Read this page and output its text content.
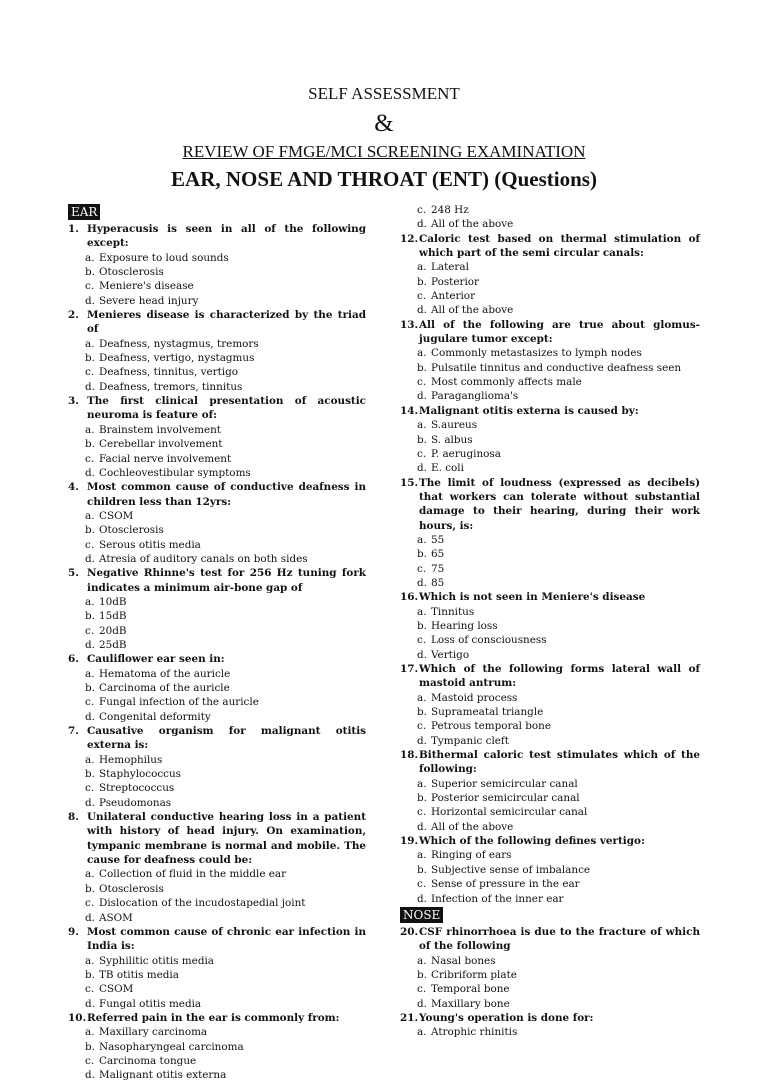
SELF ASSESSMENT
&
REVIEW OF FMGE/MCI SCREENING EXAMINATION
EAR, NOSE AND THROAT (ENT) (Questions)
EAR
1. Hyperacusis is seen in all of the following except:
a. Exposure to loud sounds
b. Otosclerosis
c. Meniere's disease
d. Severe head injury
2. Menieres disease is characterized by the triad of
a. Deafness, nystagmus, tremors
b. Deafness, vertigo, nystagmus
c. Deafness, tinnitus, vertigo
d. Deafness, tremors, tinnitus
3. The first clinical presentation of acoustic neuroma is feature of:
a. Brainstem involvement
b. Cerebellar involvement
c. Facial nerve involvement
d. Cochleovestibular symptoms
4. Most common cause of conductive deafness in children less than 12yrs:
a. CSOM
b. Otosclerosis
c. Serous otitis media
d. Atresia of auditory canals on both sides
5. Negative Rhinne's test for 256 Hz tuning fork indicates a minimum air-bone gap of
a. 10dB
b. 15dB
c. 20dB
d. 25dB
6. Cauliflower ear seen in:
a. Hematoma of the auricle
b. Carcinoma of the auricle
c. Fungal infection of the auricle
d. Congenital deformity
7. Causative organism for malignant otitis externa is:
a. Hemophilus
b. Staphylococcus
c. Streptococcus
d. Pseudomonas
8. Unilateral conductive hearing loss in a patient with history of head injury. On examination, tympanic membrane is normal and mobile. The cause for deafness could be:
a. Collection of fluid in the middle ear
b. Otosclerosis
c. Dislocation of the incudostapedial joint
d. ASOM
9. Most common cause of chronic ear infection in India is:
a. Syphilitic otitis media
b. TB otitis media
c. CSOM
d. Fungal otitis media
10. Referred pain in the ear is commonly from:
a. Maxillary carcinoma
b. Nasopharyngeal carcinoma
c. Carcinoma tongue
d. Malignant otitis externa
c. 248 Hz
d. All of the above
12. Caloric test based on thermal stimulation of which part of the semi circular canals:
a. Lateral
b. Posterior
c. Anterior
d. All of the above
13. All of the following are true about glomus-jugulare tumor except:
a. Commonly metastasizes to lymph nodes
b. Pulsatile tinnitus and conductive deafness seen
c. Most commonly affects male
d. Paraganglioma's
14. Malignant otitis externa is caused by:
a. S.aureus
b. S. albus
c. P. aeruginosa
d. E. coli
15. The limit of loudness (expressed as decibels) that workers can tolerate without substantial damage to their hearing, during their work hours, is:
a. 55
b. 65
c. 75
d. 85
16. Which is not seen in Meniere's disease
a. Tinnitus
b. Hearing loss
c. Loss of consciousness
d. Vertigo
17. Which of the following forms lateral wall of mastoid antrum:
a. Mastoid process
b. Suprameatal triangle
c. Petrous temporal bone
d. Tympanic cleft
18. Bithermal caloric test stimulates which of the following:
a. Superior semicircular canal
b. Posterior semicircular canal
c. Horizontal semicircular canal
d. All of the above
19. Which of the following defines vertigo:
a. Ringing of ears
b. Subjective sense of imbalance
c. Sense of pressure in the ear
d. Infection of the inner ear
NOSE
20. CSF rhinorrhoea is due to the fracture of which of the following
a. Nasal bones
b. Cribriform plate
c. Temporal bone
d. Maxillary bone
21. Young's operation is done for:
a. Atrophic rhinitis
